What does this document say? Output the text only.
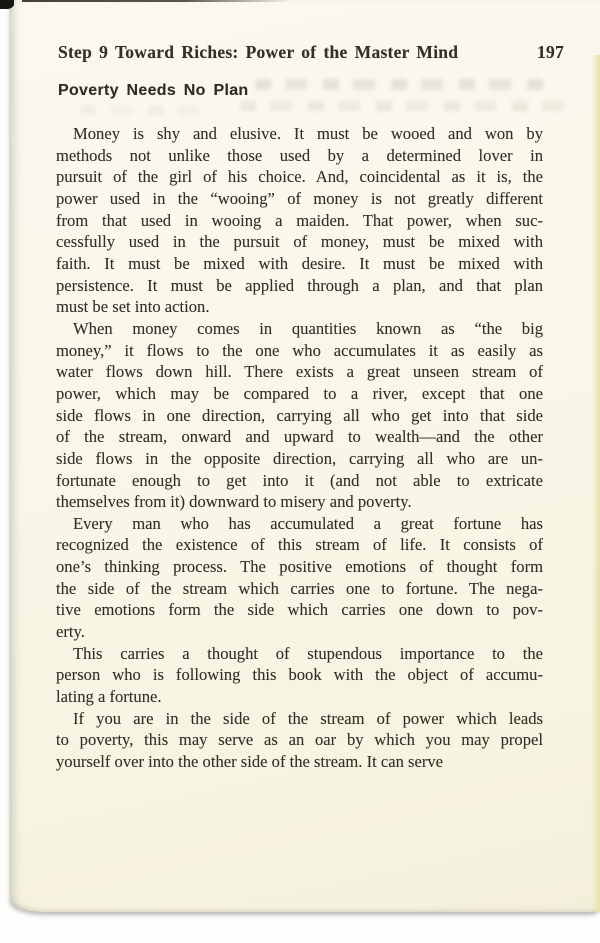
Step 9 Toward Riches: Power of the Master Mind	197
Poverty Needs No Plan
Money is shy and elusive. It must be wooed and won by
methods not unlike those used by a determined lover in
pursuit of the girl of his choice. And, coincidental as it is, the
power used in the “wooing” of money is not greatly different
from that used in wooing a maiden. That power, when suc-
cessfully used in the pursuit of money, must be mixed with
faith. It must be mixed with desire. It must be mixed with
persistence. It must be applied through a plan, and that plan
must be set into action.
When money comes in quantities known as “the big
money,” it flows to the one who accumulates it as easily as
water flows down hill. There exists a great unseen stream of
power, which may be compared to a river, except that one
side flows in one direction, carrying all who get into that side
of the stream, onward and upward to wealth—and the other
side flows in the opposite direction, carrying all who are un-
fortunate enough to get into it (and not able to extricate
themselves from it) downward to misery and poverty.
Every man who has accumulated a great fortune has
recognized the existence of this stream of life. It consists of
one’s thinking process. The positive emotions of thought form
the side of the stream which carries one to fortune. The nega-
tive emotions form the side which carries one down to pov-
erty.
This carries a thought of stupendous importance to the
person who is following this book with the object of accumu-
lating a fortune.
If you are in the side of the stream of power which leads
to poverty, this may serve as an oar by which you may propel
yourself over into the other side of the stream. It can serve
